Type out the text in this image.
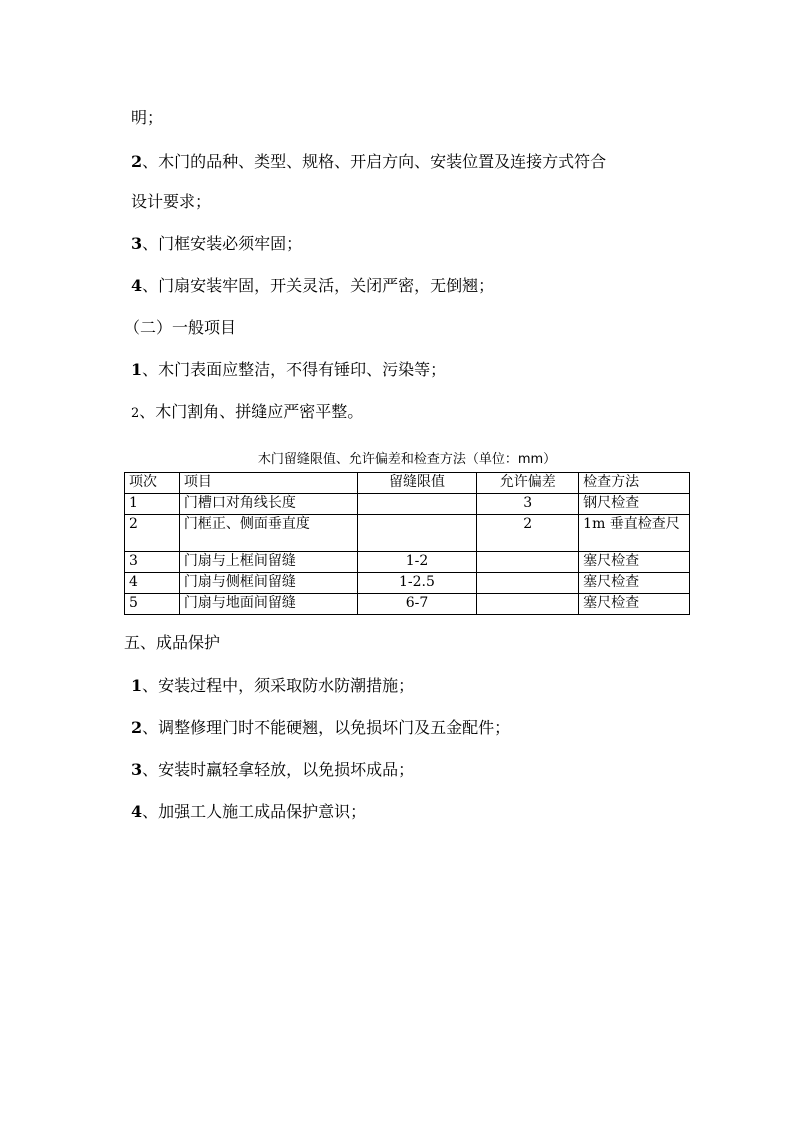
明；
2、木门的品种、类型、规格、开启方向、安装位置及连接方式符合
设计要求；
3、门框安装必须牢固；
4、门扇安装牢固，开关灵活，关闭严密，无倒翘；
（二）一般项目
1、木门表面应整洁，不得有锤印、污染等；
2、木门割角、拼缝应严密平整。
木门留缝限值、允许偏差和检查方法（单位：mm）
项次	项目	留缝限值	允许偏差	检查方法
1	门槽口对角线长度		3	钢尺检查
2	门框正、侧面垂直度		2	1m 垂直检查尺
3	门扇与上框间留缝	1-2		塞尺检查
4	门扇与侧框间留缝	1-2.5		塞尺检查
5	门扇与地面间留缝	6-7		塞尺检查
五、成品保护
1、安装过程中，须采取防水防潮措施；
2、调整修理门时不能硬翘，以免损坏门及五金配件；
3、安装时羸轻拿轻放，以免损坏成品；
4、加强工人施工成品保护意识；
